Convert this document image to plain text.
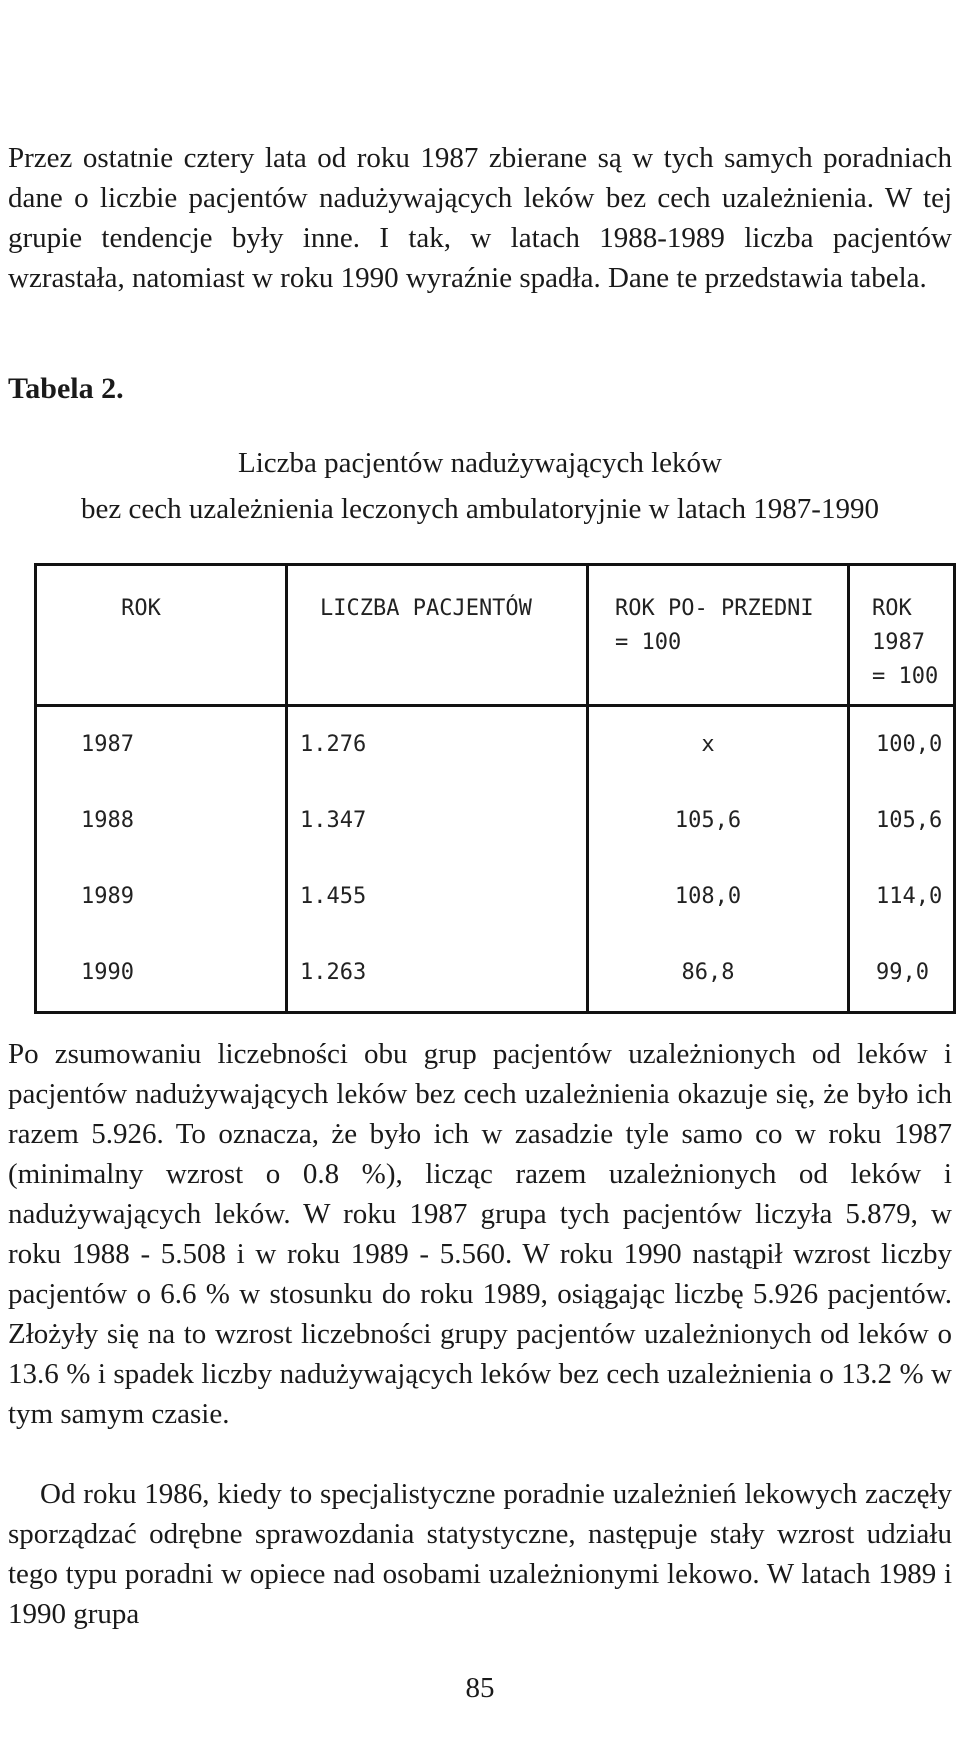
Przez ostatnie cztery lata od roku 1987 zbierane są w tych samych poradniach dane o liczbie pacjentów nadużywających leków bez cech uzależnienia. W tej grupie tendencje były inne. I tak, w latach 1988-1989 liczba pacjentów wzrastała, natomiast w roku 1990 wyraźnie spadła. Dane te przedstawia tabela.

Tabela 2.

Liczba pacjentów nadużywających leków
bez cech uzależnienia leczonych ambulatoryjnie w latach 1987-1990
ROK	LICZBA PACJENTÓW	ROK PO- PRZEDNI = 100	ROK 1987 = 100
1987	1.276	x	100,0
1988	1.347	105,6	105,6
1989	1.455	108,0	114,0
1990	1.263	86,8	99,0

Po zsumowaniu liczebności obu grup pacjentów uzależnionych od leków i pacjentów nadużywających leków bez cech uzależnienia okazuje się, że było ich razem 5.926. To oznacza, że było ich w zasadzie tyle samo co w roku 1987 (minimalny wzrost o 0.8 %), licząc razem uzależnionych od leków i nadużywających leków. W roku 1987 grupa tych pacjentów liczyła 5.879, w roku 1988 - 5.508 i w roku 1989 - 5.560. W roku 1990 nastąpił wzrost liczby pacjentów o 6.6 % w stosunku do roku 1989, osiągając liczbę 5.926 pacjentów. Złożyły się na to wzrost liczebności grupy pacjentów uzależnionych od leków o 13.6 % i spadek liczby nadużywających leków bez cech uzależnienia o 13.2 % w tym samym czasie.

Od roku 1986, kiedy to specjalistyczne poradnie uzależnień lekowych zaczęły sporządzać odrębne sprawozdania statystyczne, następuje stały wzrost udziału tego typu poradni w opiece nad osobami uzależnionymi lekowo. W latach 1989 i 1990 grupa

85
